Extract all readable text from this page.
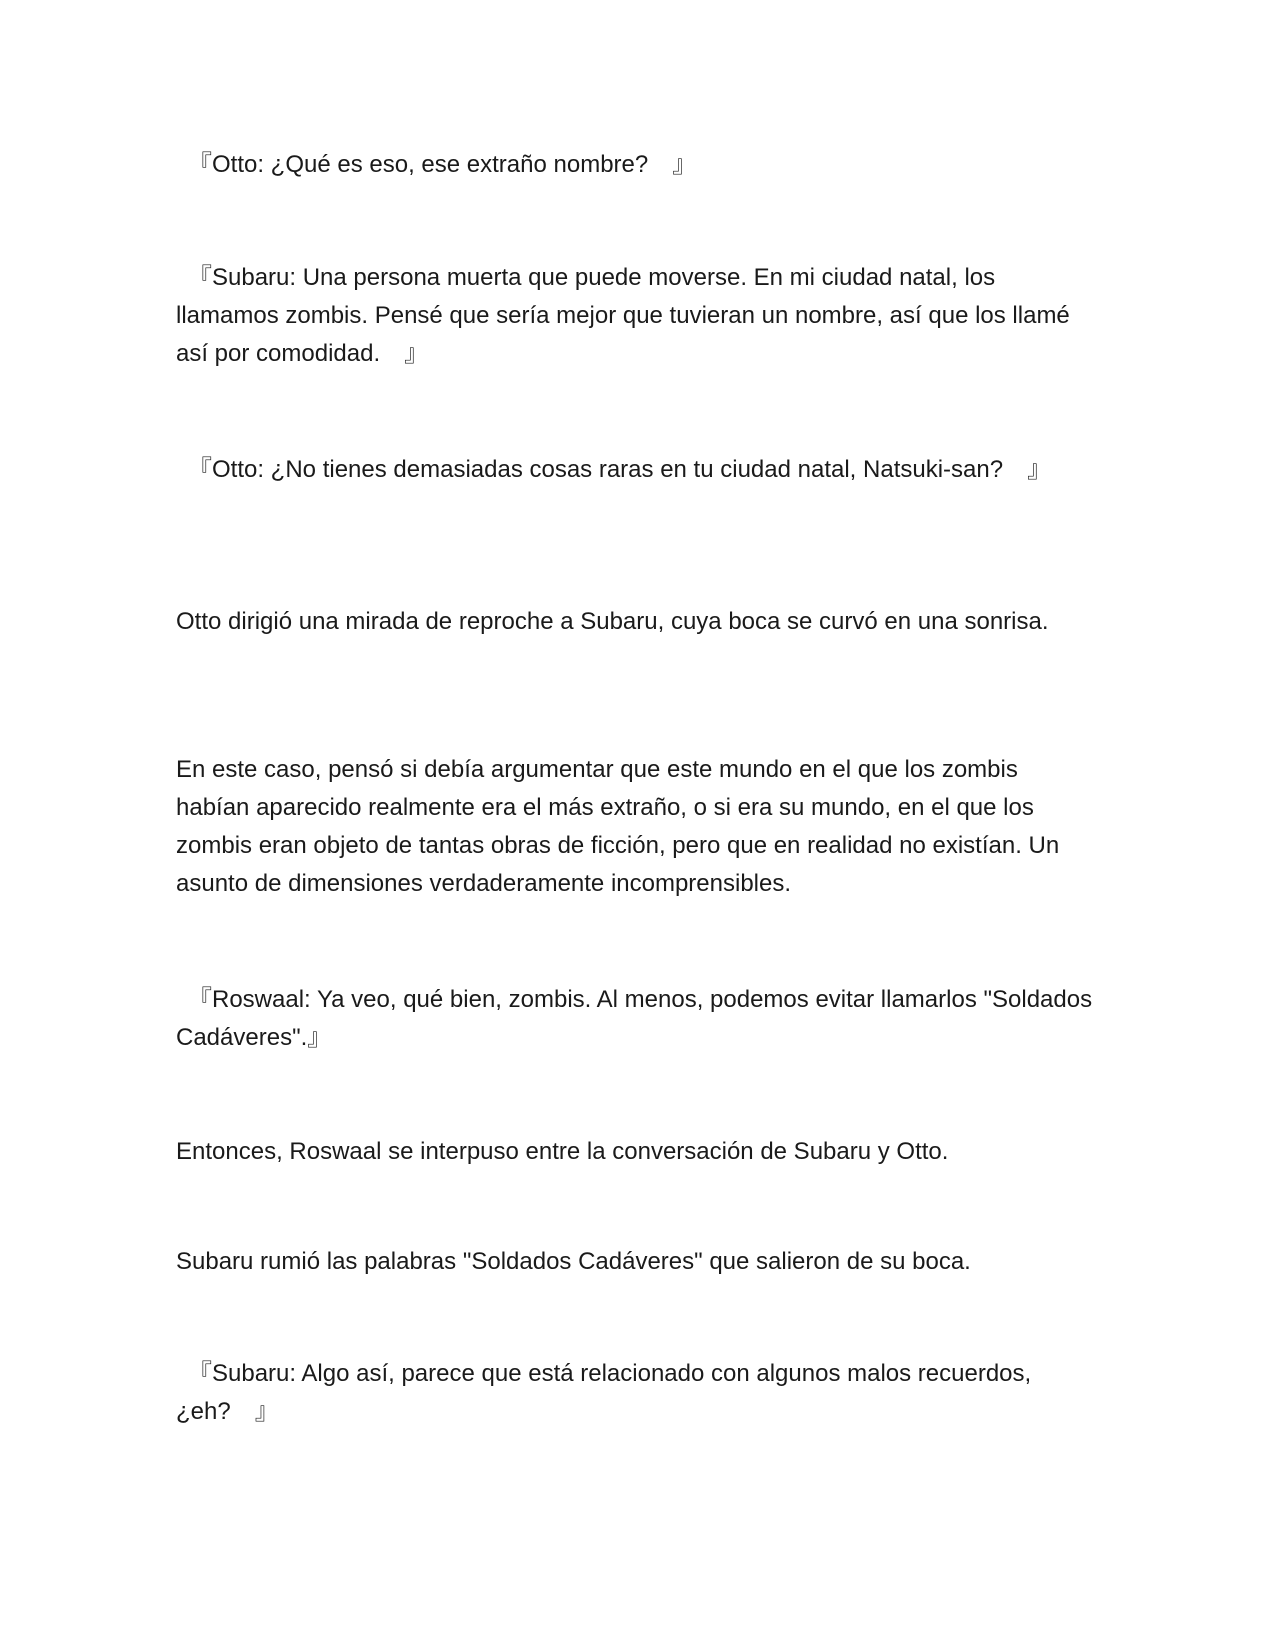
　『Otto: ¿Qué es eso, ese extraño nombre?　』

　『Subaru: Una persona muerta que puede moverse. En mi ciudad natal, los llamamos zombis. Pensé que sería mejor que tuvieran un nombre, así que los llamé así por comodidad.　』

　『Otto: ¿No tienes demasiadas cosas raras en tu ciudad natal, Natsuki-san?　』

Otto dirigió una mirada de reproche a Subaru, cuya boca se curvó en una sonrisa.

En este caso, pensó si debía argumentar que este mundo en el que los zombis habían aparecido realmente era el más extraño, o si era su mundo, en el que los zombis eran objeto de tantas obras de ficción, pero que en realidad no existían. Un asunto de dimensiones verdaderamente incomprensibles.

　『Roswaal: Ya veo, qué bien, zombis. Al menos, podemos evitar llamarlos "Soldados Cadáveres".』

Entonces, Roswaal se interpuso entre la conversación de Subaru y Otto.

Subaru rumió las palabras "Soldados Cadáveres" que salieron de su boca.

　『Subaru: Algo así, parece que está relacionado con algunos malos recuerdos, ¿eh?　』
